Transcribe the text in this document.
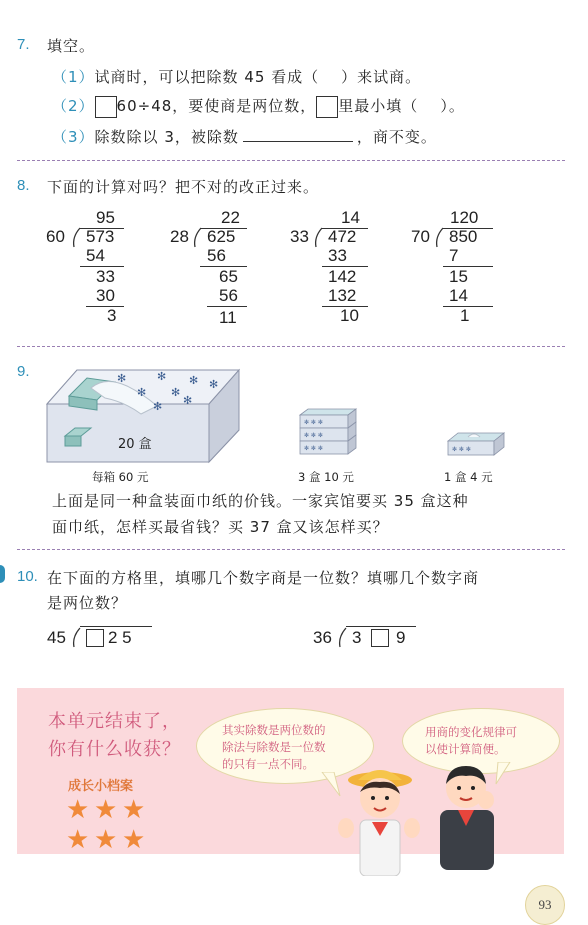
7. 填空。
（1）试商时，可以把除数 45 看成（ ）来试商。
（2） 60÷48，要使商是两位数， 里最小填（ ）。
（3）除数除以 3，被除数	，商不变。
8. 下面的计算对吗？把不对的改正过来。
95
60 573
54
33
30
3
22
28 625
56
65
56
11
14
33 472
33
142
132
10
120
70 850
7
15
14
1
9.	✻	✻ ✻ ✻
✻ ✻
✻ ✻
20 盒
每箱 60 元
✻ ✻ ✻
✻ ✻ ✻
✻ ✻ ✻
3 盒 10 元
✻ ✻ ✻
1 盒 4 元
上面是同一种盒装面巾纸的价钱。一家宾馆要买 35 盒这种
面巾纸，怎样买最省钱？买 37 盒又该怎样买？
10. 在下面的方格里，填哪几个数字商是一位数？填哪几个数字商
是两位数？
45 2 5	36 3 9
本单元结束了，
你有什么收获？
成长小档案
★ ★ ★
★ ★ ★
其实除数是两位数的
除法与除数是一位数
的只有一点不同。
用商的变化规律可
以使计算简便。
93
